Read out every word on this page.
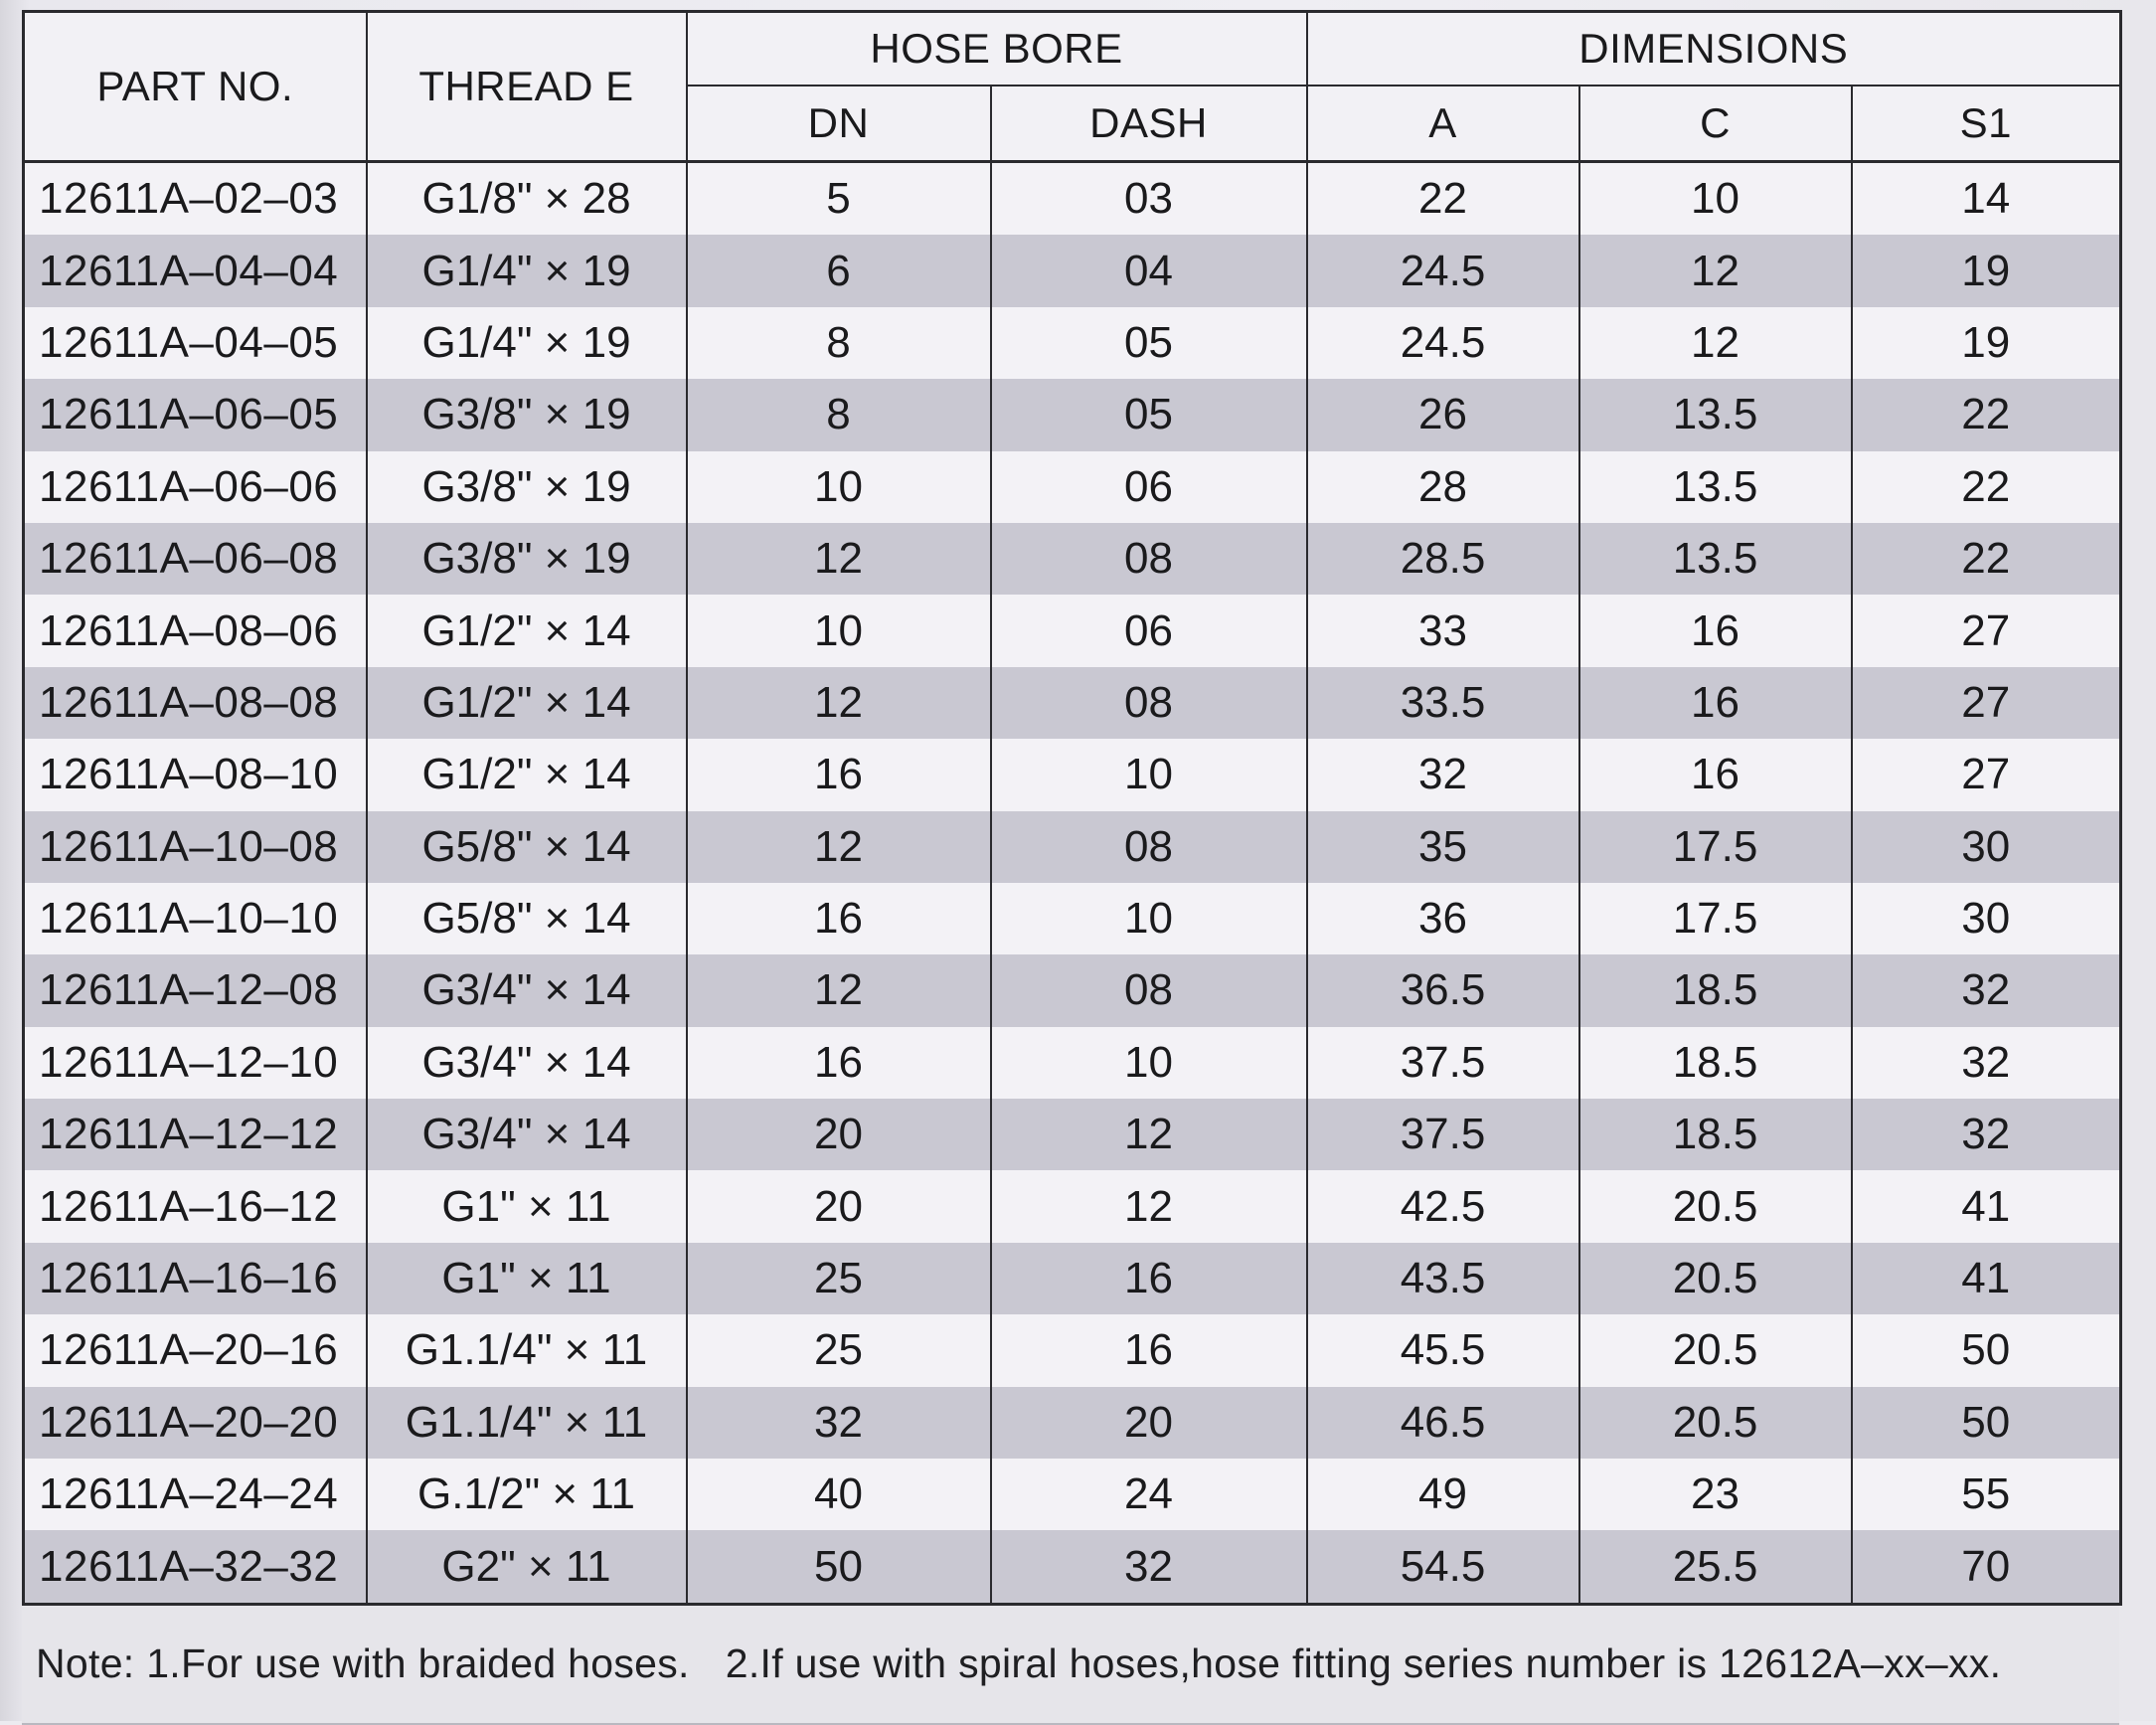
PART NO.	THREAD E	HOSE BORE		DIMENSIONS		
		DN	DASH	A	C	S1
12611A–02–03	G1/8" × 28	5	03	22	10	14
12611A–04–04	G1/4" × 19	6	04	24.5	12	19
12611A–04–05	G1/4" × 19	8	05	24.5	12	19
12611A–06–05	G3/8" × 19	8	05	26	13.5	22
12611A–06–06	G3/8" × 19	10	06	28	13.5	22
12611A–06–08	G3/8" × 19	12	08	28.5	13.5	22
12611A–08–06	G1/2" × 14	10	06	33	16	27
12611A–08–08	G1/2" × 14	12	08	33.5	16	27
12611A–08–10	G1/2" × 14	16	10	32	16	27
12611A–10–08	G5/8" × 14	12	08	35	17.5	30
12611A–10–10	G5/8" × 14	16	10	36	17.5	30
12611A–12–08	G3/4" × 14	12	08	36.5	18.5	32
12611A–12–10	G3/4" × 14	16	10	37.5	18.5	32
12611A–12–12	G3/4" × 14	20	12	37.5	18.5	32
12611A–16–12	G1" × 11	20	12	42.5	20.5	41
12611A–16–16	G1" × 11	25	16	43.5	20.5	41
12611A–20–16	G1.1/4" × 11	25	16	45.5	20.5	50
12611A–20–20	G1.1/4" × 11	32	20	46.5	20.5	50
12611A–24–24	G.1/2" × 11	40	24	49	23	55
12611A–32–32	G2" × 11	50	32	54.5	25.5	70
Note: 1.For use with braided hoses. 2.If use with spiral hoses,hose fitting series number is 12612A–xx–xx.
